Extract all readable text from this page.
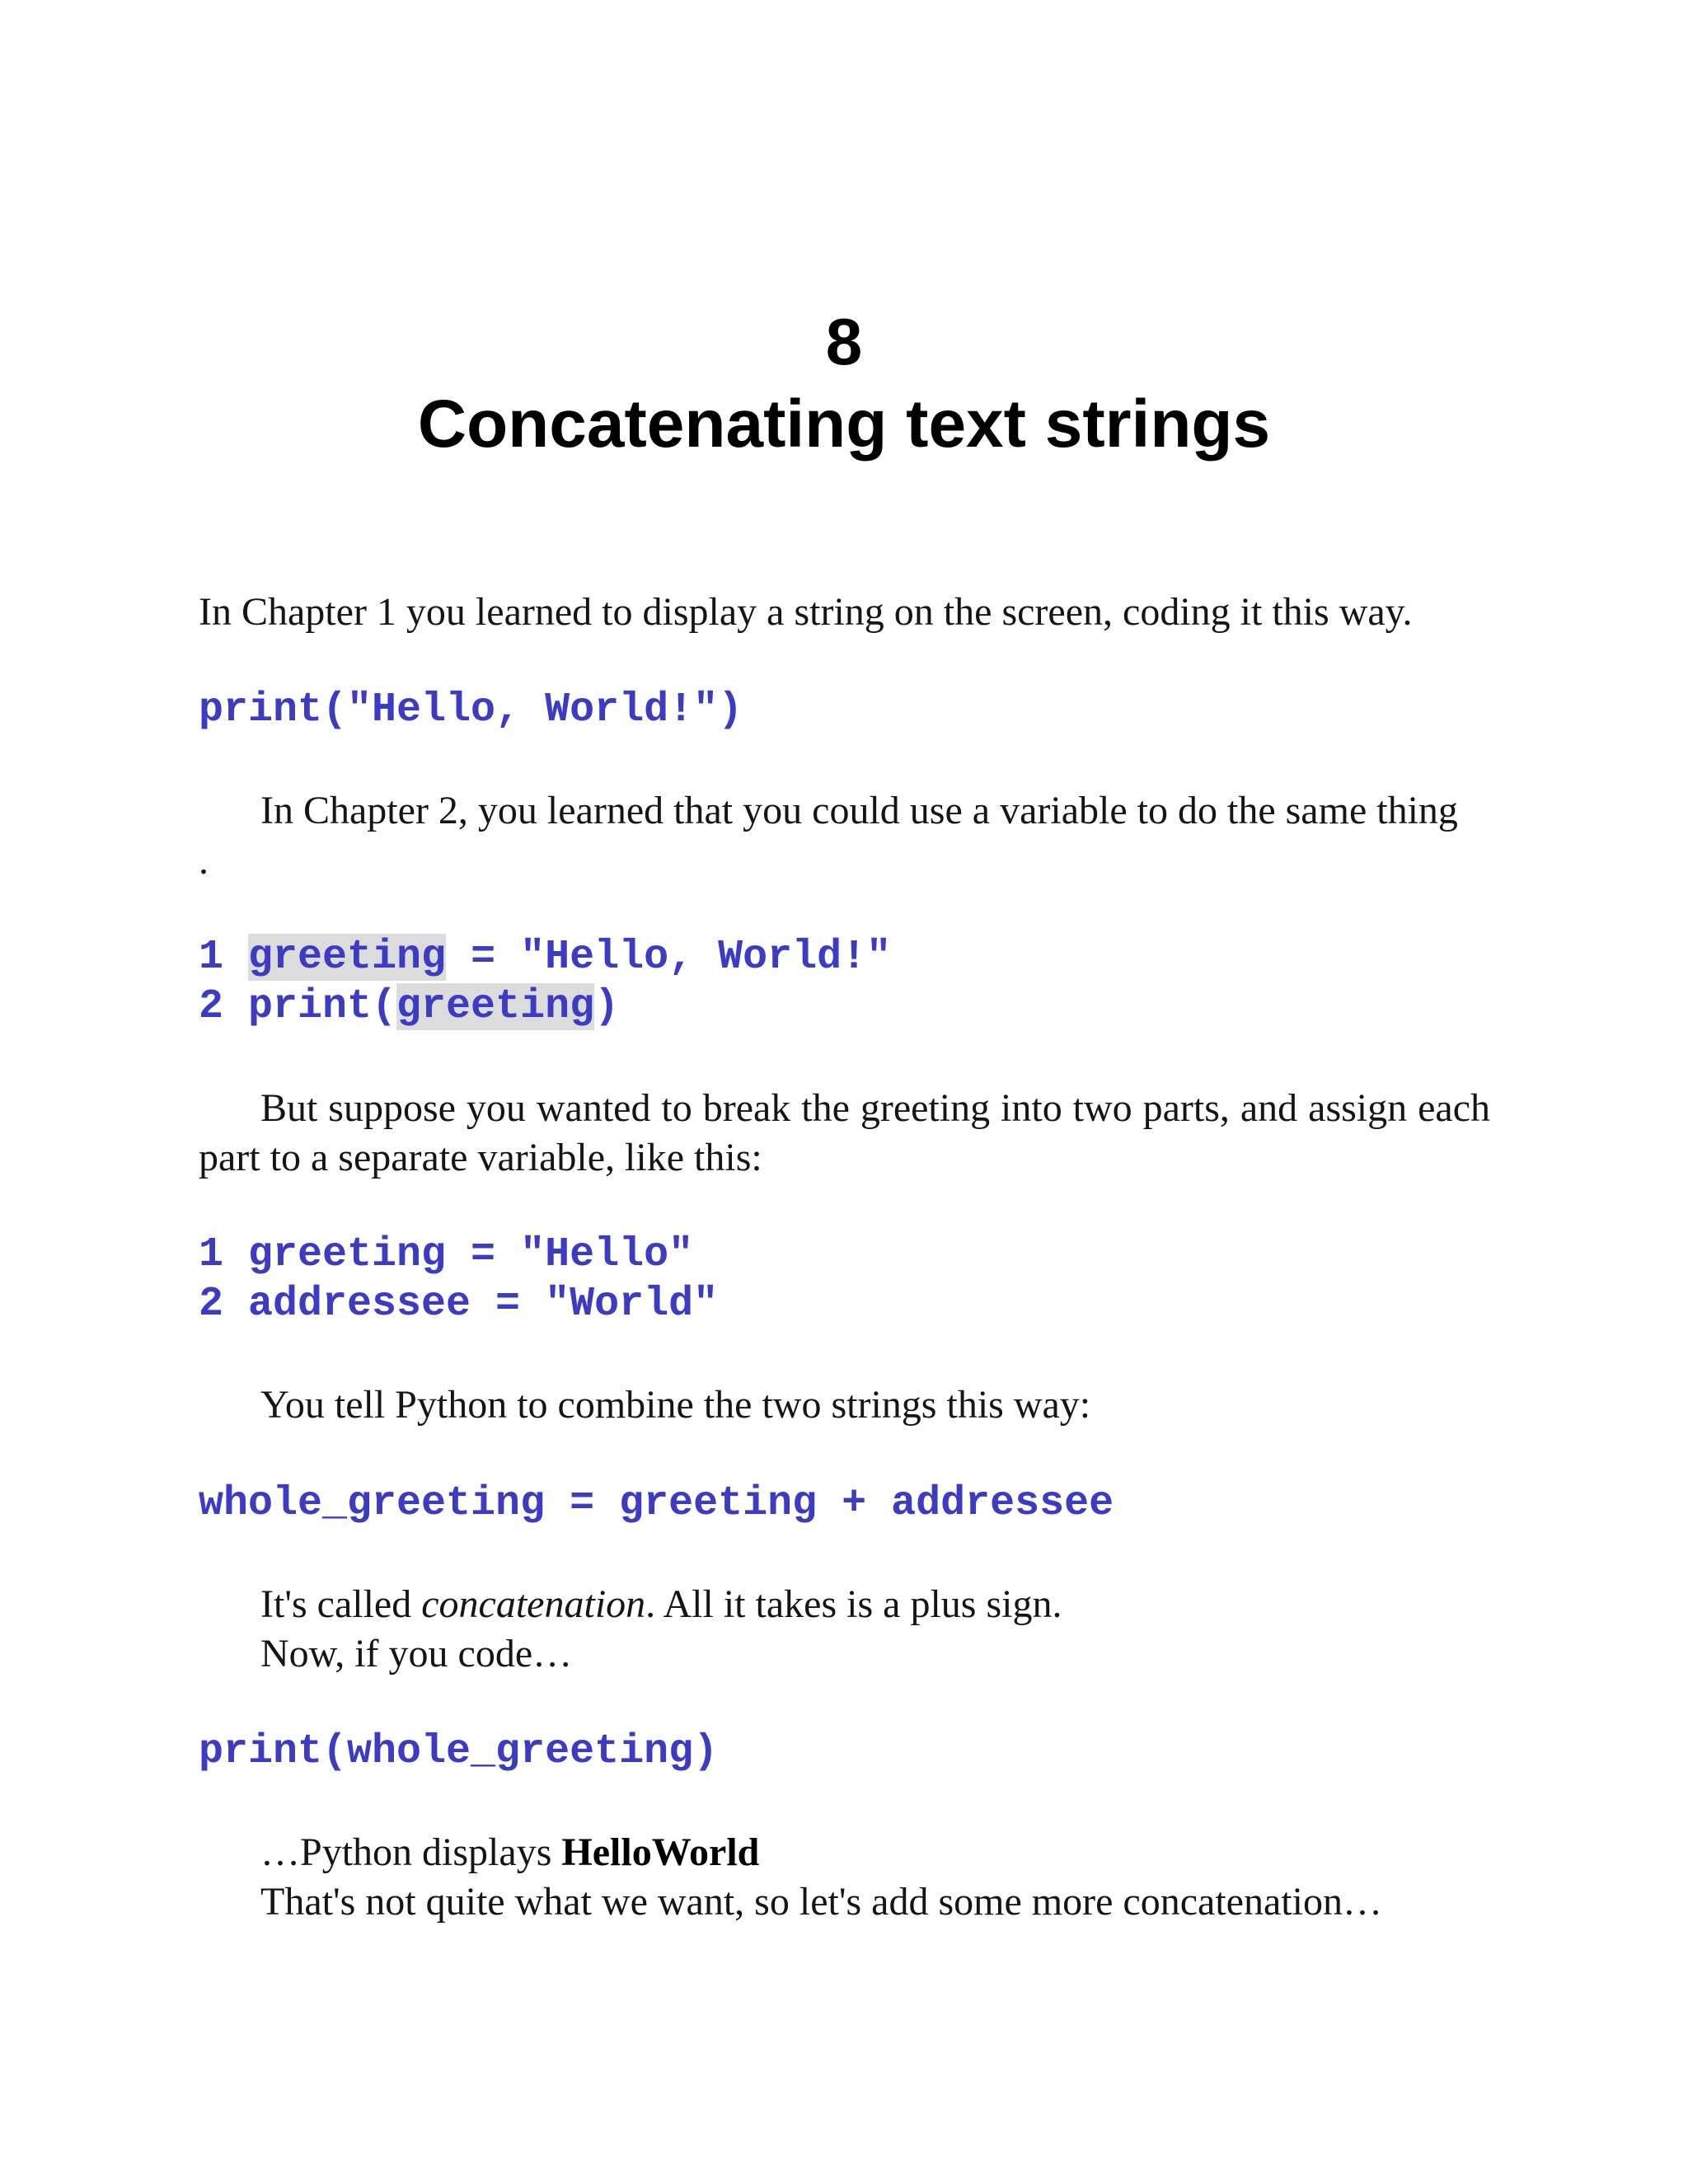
8
Concatenating text strings
In Chapter 1 you learned to display a string on the screen, coding it this way.
print("Hello, World!")
In Chapter 2, you learned that you could use a variable to do the same thing
.
1 greeting = "Hello, World!"
2 print(greeting)
But suppose you wanted to break the greeting into two parts, and assign each part to a separate variable, like this:
1 greeting = "Hello"
2 addressee = "World"
You tell Python to combine the two strings this way:
whole_greeting = greeting + addressee
It's called concatenation. All it takes is a plus sign.
Now, if you code…
print(whole_greeting)
…Python displays HelloWorld
That's not quite what we want, so let's add some more concatenation…
